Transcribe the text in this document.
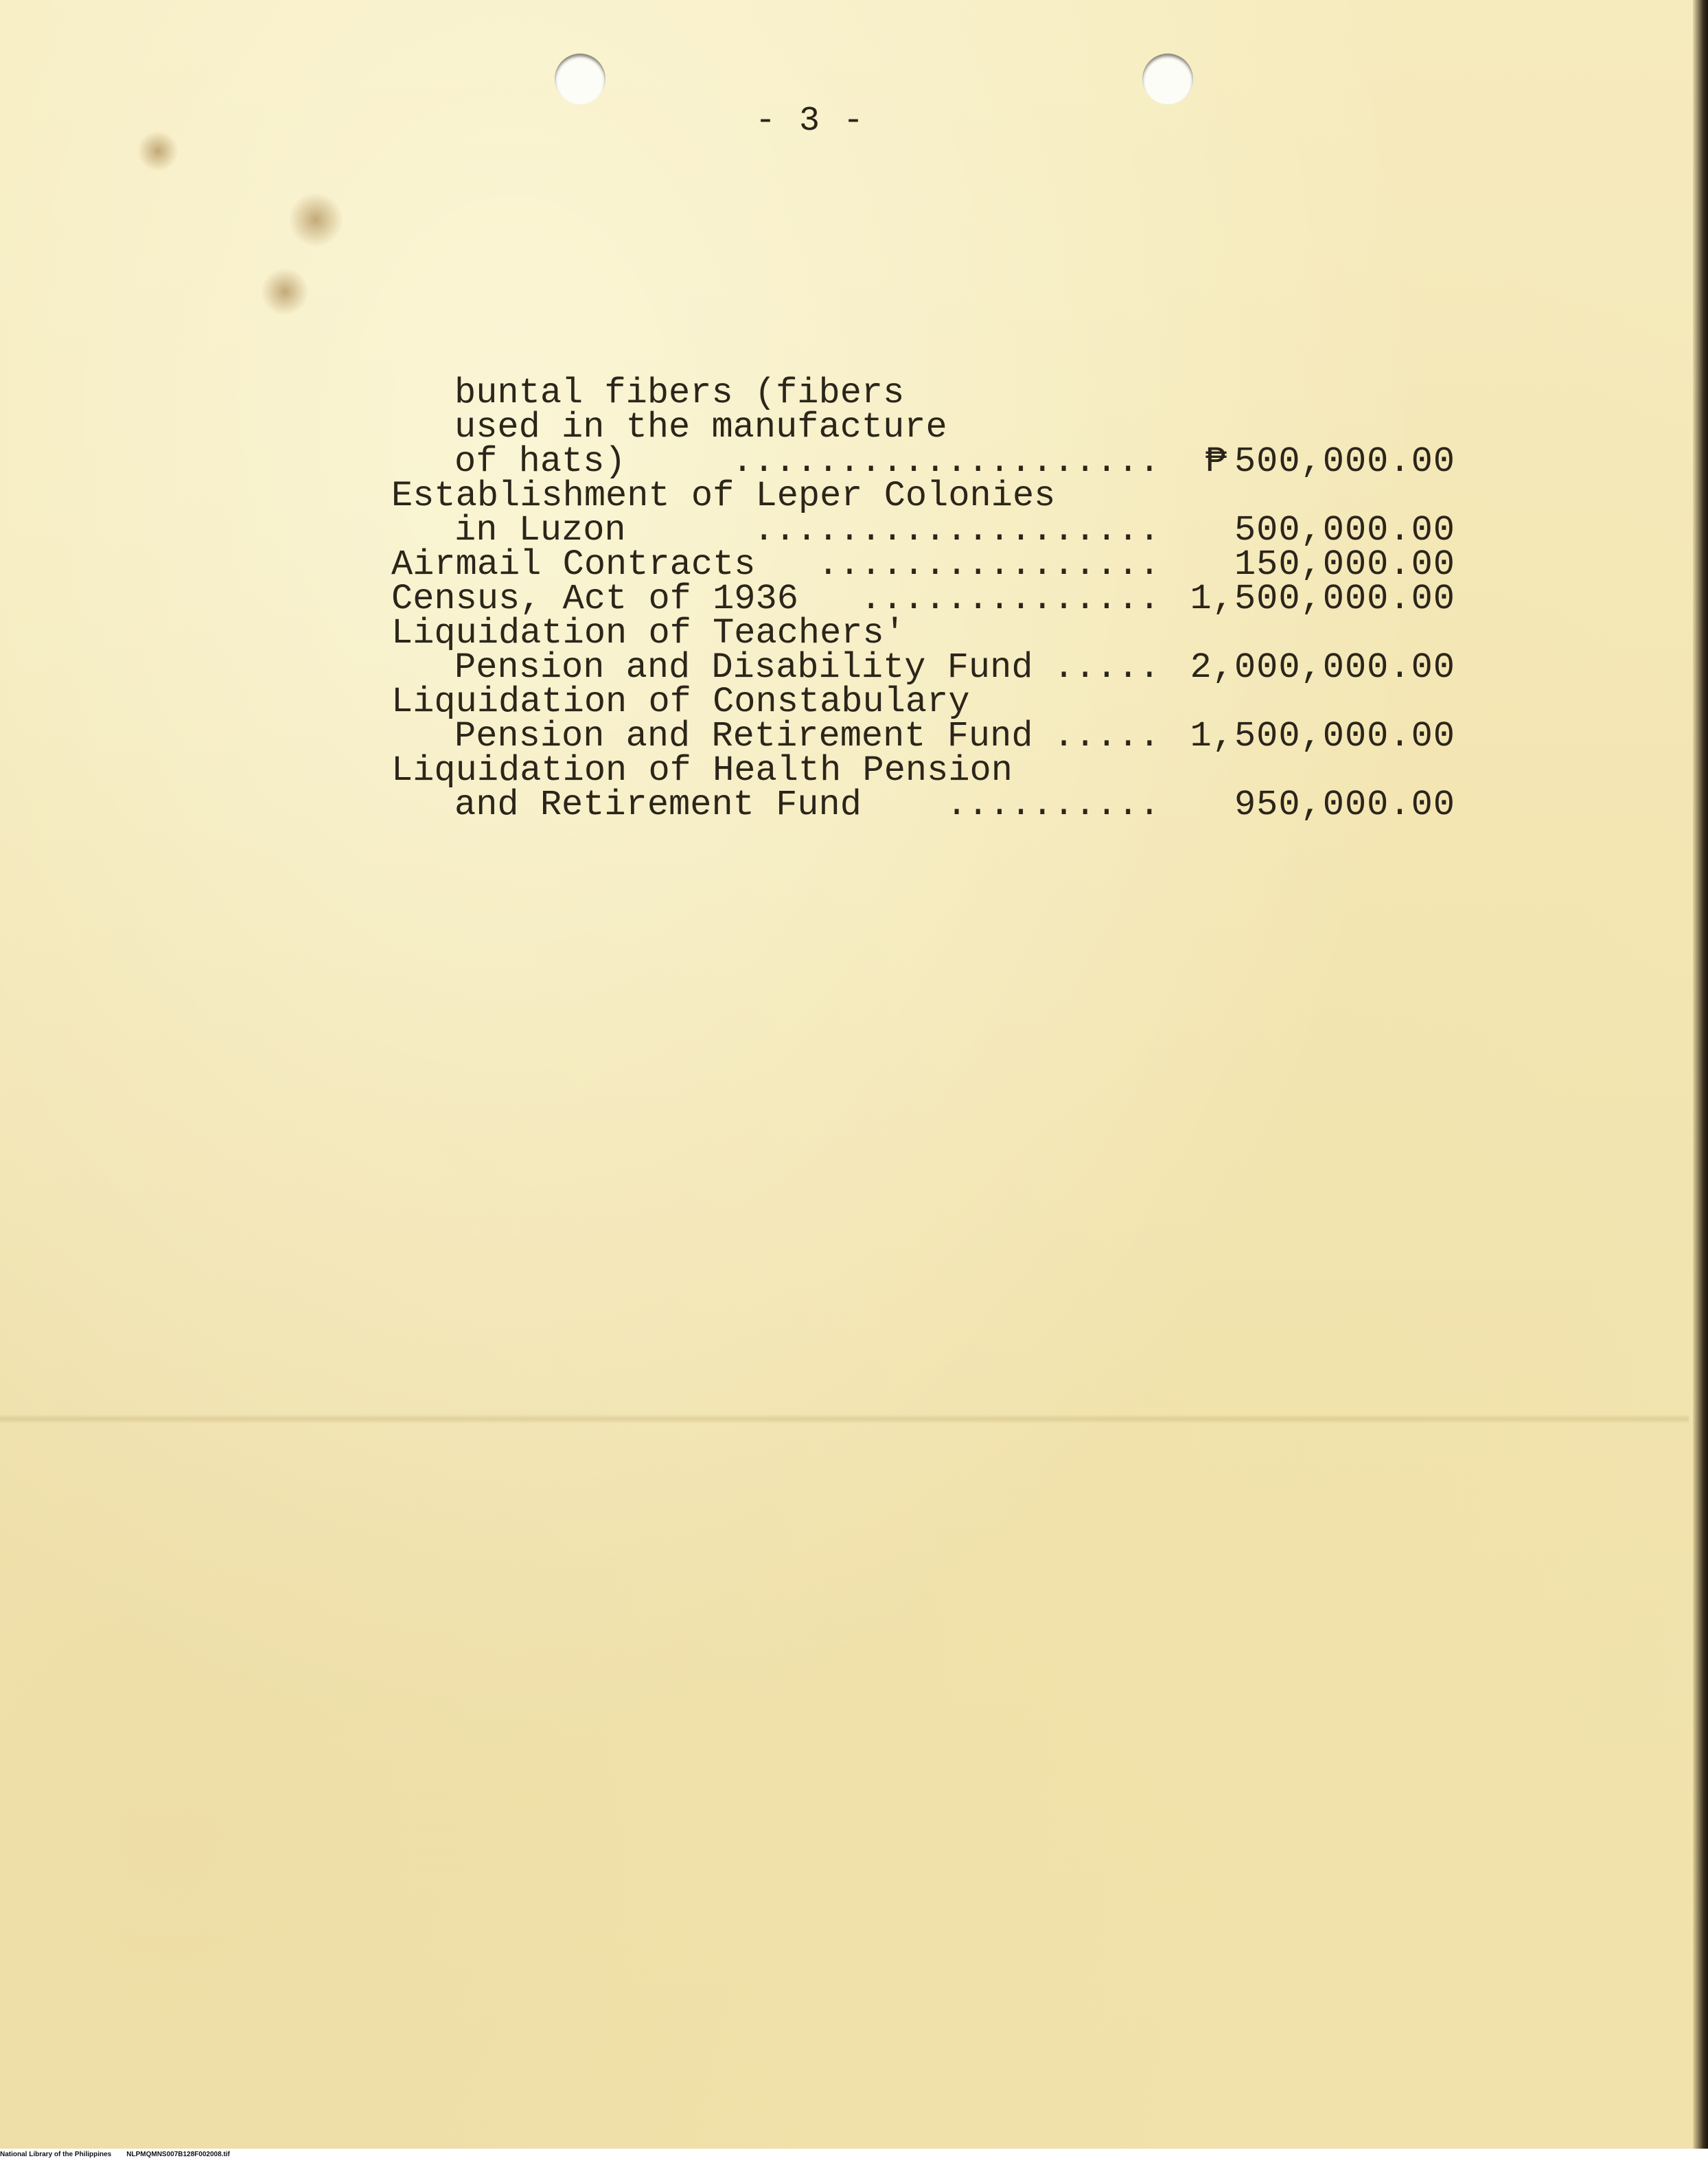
- 3 -
buntal fibers (fibers
used in the manufacture
of hats)	.................... ₱ 500,000.00
Establishment of Leper Colonies
in Luzon	................... 500,000.00
Airmail Contracts ................ 150,000.00
Census, Act of 1936 .............. 1,500,000.00
Liquidation of Teachers'
Pension and Disability Fund ..... 2,000,000.00
Liquidation of Constabulary
Pension and Retirement Fund ..... 1,500,000.00
Liquidation of Health Pension
and Retirement Fund .......... 950,000.00
National Library of the Philippines NLPMQMNS007B128F002008.tif
